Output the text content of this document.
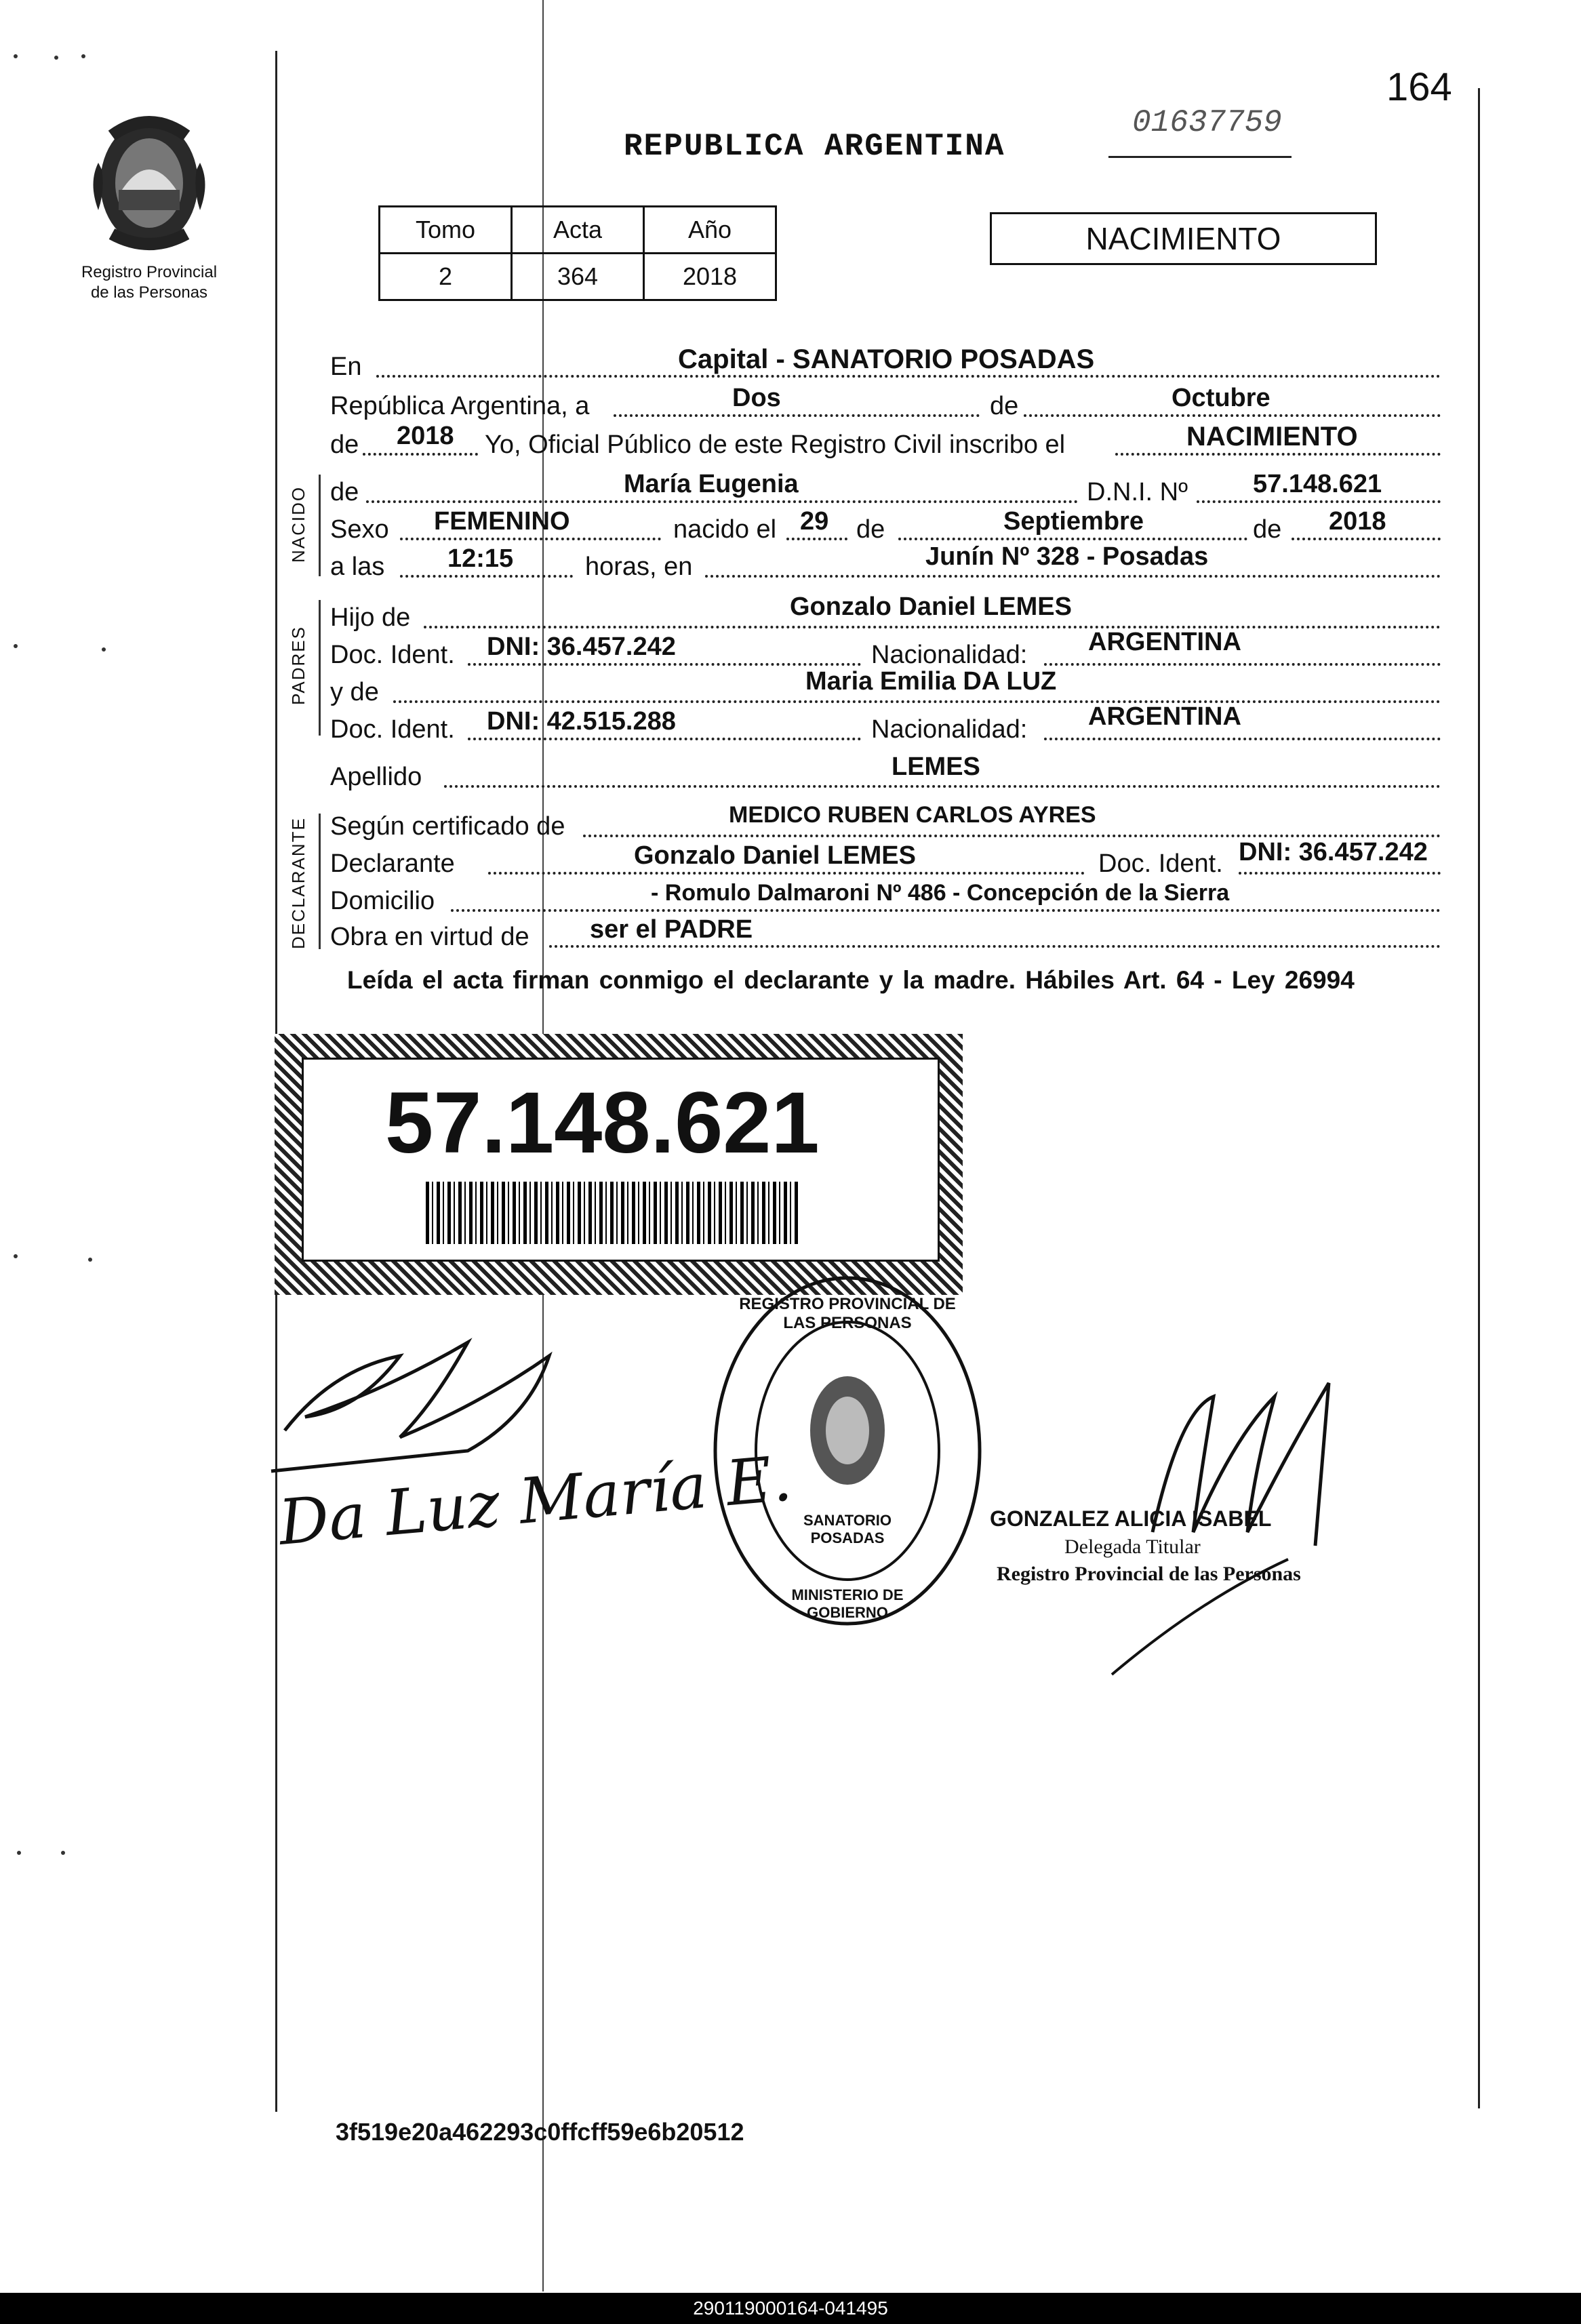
164
Registro Provincial
de las Personas
REPUBLICA ARGENTINA
01637759
Tomo	Acta	Año
2	364	2018
NACIMIENTO
En	Capital - SANATORIO POSADAS
República Argentina, a	Dos	de	Octubre
de 2018 Yo, Oficial Público de este Registro Civil inscribo el	NACIMIENTO
NACIDO de	María Eugenia	D.N.I. Nº	57.148.621
Sexo FEMENINO	nacido el 29 de	Septiembre	de 2018
a las 12:15	horas, en	Junín Nº 328 - Posadas
PADRES
Hijo de	Gonzalo Daniel LEMES
Doc. Ident. DNI: 36.457.242	Nacionalidad: ARGENTINA
y de	Maria Emilia DA LUZ
Doc. Ident. DNI: 42.515.288	Nacionalidad: ARGENTINA
Apellido	LEMES
DECLARANTE Según certificado de	MEDICO RUBEN CARLOS AYRES
Declarante	Gonzalo Daniel LEMES	Doc. Ident. DNI: 36.457.242
Domicilio	- Romulo Dalmaroni Nº 486 - Concepción de la Sierra
Obra en virtud de ser el PADRE
Leída el acta firman conmigo el declarante y la madre. Hábiles Art. 64 - Ley 26994
57.148.621
REGISTRO PROVINCIAL DE LAS PERSONAS
SANATORIO POSADAS
MINISTERIO DE GOBIERNO
Da Luz María E.	GONZALEZ ALICIA ISABEL
Delegada Titular
Registro Provincial de las Personas
3f519e20a462293c0ffcff59e6b20512
290119000164-041495
